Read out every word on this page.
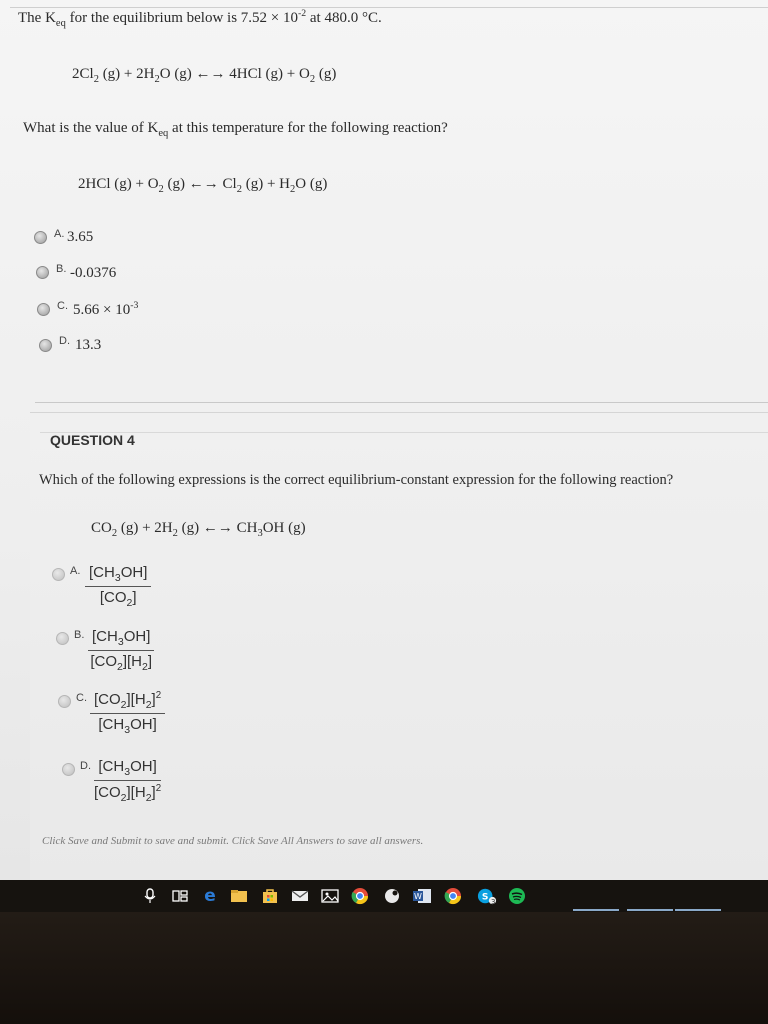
The $K_{eq}$ for the equilibrium below is $7.52 \times 10^{-2}$ at 480.0 °C.
$2Cl_2$ $(g) + 2H_2O$ (g) ←→ 4HCl $(g) + O_2$ (g)
What is the value of $K_{eq}$ at this temperature for the following reaction?
2HCl $(g) + O_2$ (g) ←→ $Cl_2$ $(g) + H_2O$ (g)
A. 3.65
B. -0.0376
C. $5.66 \times 10^{-3}$
D. 13.3
QUESTION 4
Which of the following expressions is the correct equilibrium-constant expression for the following reaction?
$CO_2$ $(g) + 2H_2$ (g) ←→ $CH_3OH$ (g)
A. $[CH_3OH]$
$[CO_2]$
B. $[CH_3OH]$
$[CO_2][H_2]$
C. $[CO_2][H_2]^2$
$[CH_3OH]$
D. $[CH_3OH]$
$[CO_2][H_2]^2$
Click Save and Submit to save and submit. Click Save All Answers to save all answers.
e	W	S 3
